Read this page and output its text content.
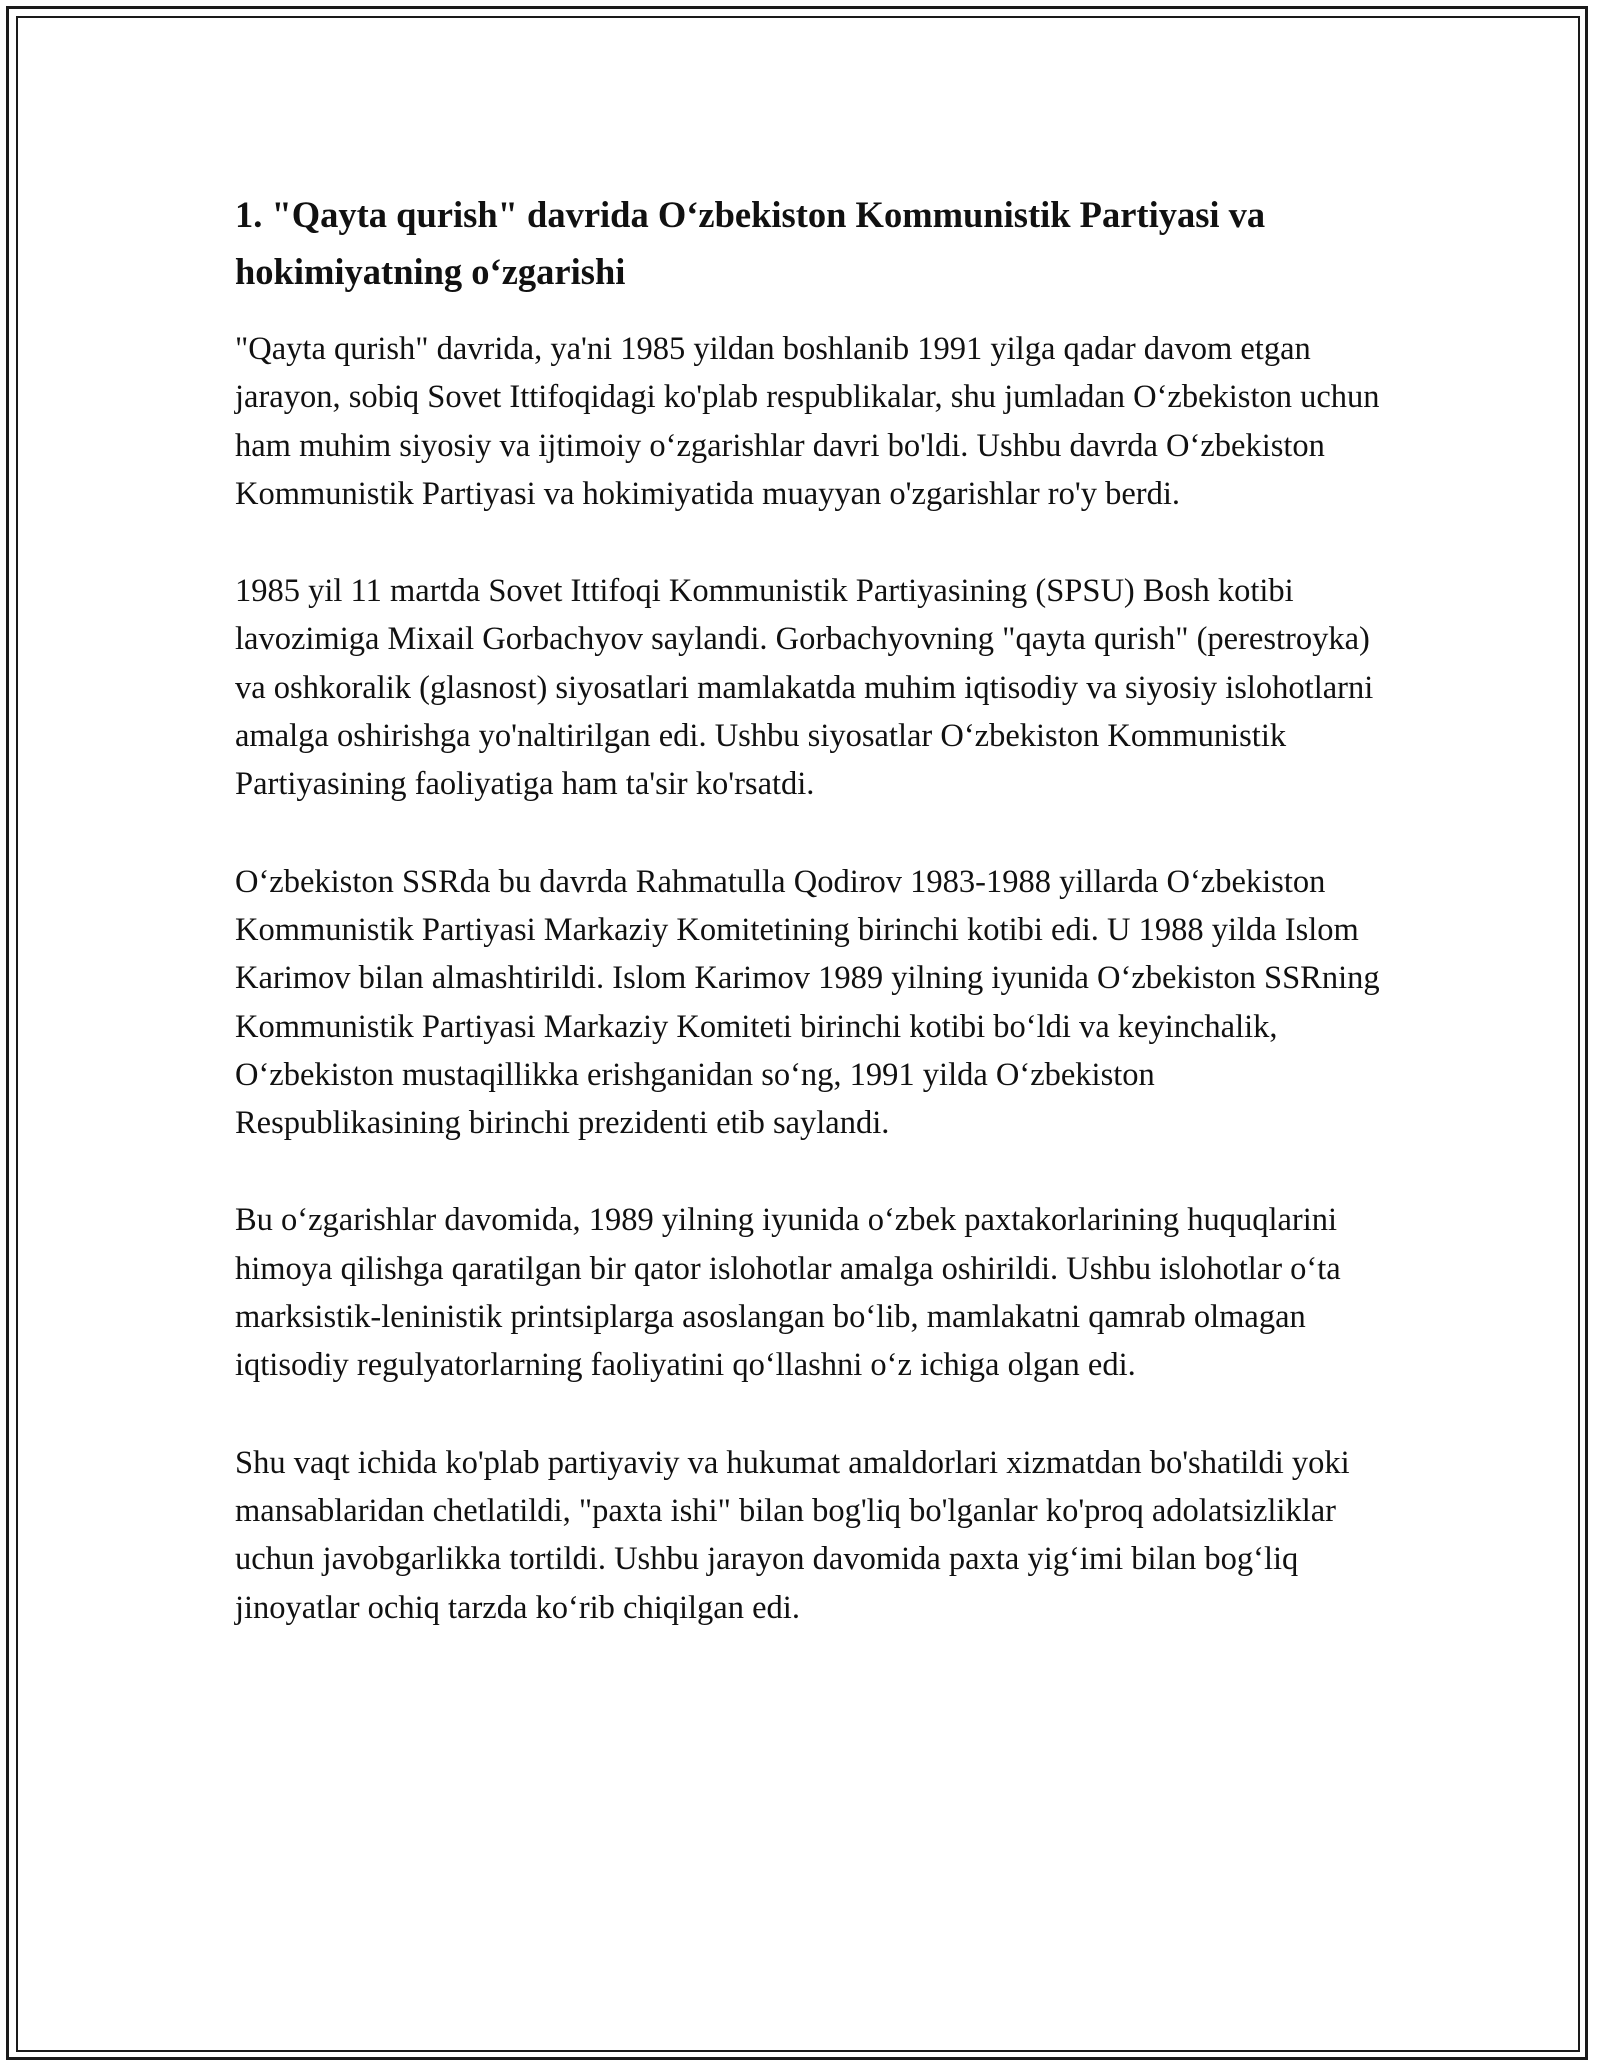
1. "Qayta qurish" davrida O‘zbekiston Kommunistik Partiyasi va hokimiyatning o‘zgarishi

"Qayta qurish" davrida, ya'ni 1985 yildan boshlanib 1991 yilga qadar davom etgan jarayon, sobiq Sovet Ittifoqidagi ko'plab respublikalar, shu jumladan O‘zbekiston uchun ham muhim siyosiy va ijtimoiy o‘zgarishlar davri bo'ldi. Ushbu davrda O‘zbekiston Kommunistik Partiyasi va hokimiyatida muayyan o'zgarishlar ro'y berdi.

1985 yil 11 martda Sovet Ittifoqi Kommunistik Partiyasining (SPSU) Bosh kotibi lavozimiga Mixail Gorbachyov saylandi. Gorbachyovning "qayta qurish" (perestroyka) va oshkoralik (glasnost) siyosatlari mamlakatda muhim iqtisodiy va siyosiy islohotlarni amalga oshirishga yo'naltirilgan edi. Ushbu siyosatlar O‘zbekiston Kommunistik Partiyasining faoliyatiga ham ta'sir ko'rsatdi.

O‘zbekiston SSRda bu davrda Rahmatulla Qodirov 1983-1988 yillarda O‘zbekiston Kommunistik Partiyasi Markaziy Komitetining birinchi kotibi edi. U 1988 yilda Islom Karimov bilan almashtirildi. Islom Karimov 1989 yilning iyunida O‘zbekiston SSRning Kommunistik Partiyasi Markaziy Komiteti birinchi kotibi bo‘ldi va keyinchalik, O‘zbekiston mustaqillikka erishganidan so‘ng, 1991 yilda O‘zbekiston Respublikasining birinchi prezidenti etib saylandi.

Bu o‘zgarishlar davomida, 1989 yilning iyunida o‘zbek paxtakorlarining huquqlarini himoya qilishga qaratilgan bir qator islohotlar amalga oshirildi. Ushbu islohotlar o‘ta marksistik-leninistik printsiplarga asoslangan bo‘lib, mamlakatni qamrab olmagan iqtisodiy regulyatorlarning faoliyatini qo‘llashni o‘z ichiga olgan edi.

Shu vaqt ichida ko'plab partiyaviy va hukumat amaldorlari xizmatdan bo'shatildi yoki mansablaridan chetlatildi, "paxta ishi" bilan bog'liq bo'lganlar ko'proq adolatsizliklar uchun javobgarlikka tortildi. Ushbu jarayon davomida paxta yig‘imi bilan bog‘liq jinoyatlar ochiq tarzda ko‘rib chiqilgan edi.
